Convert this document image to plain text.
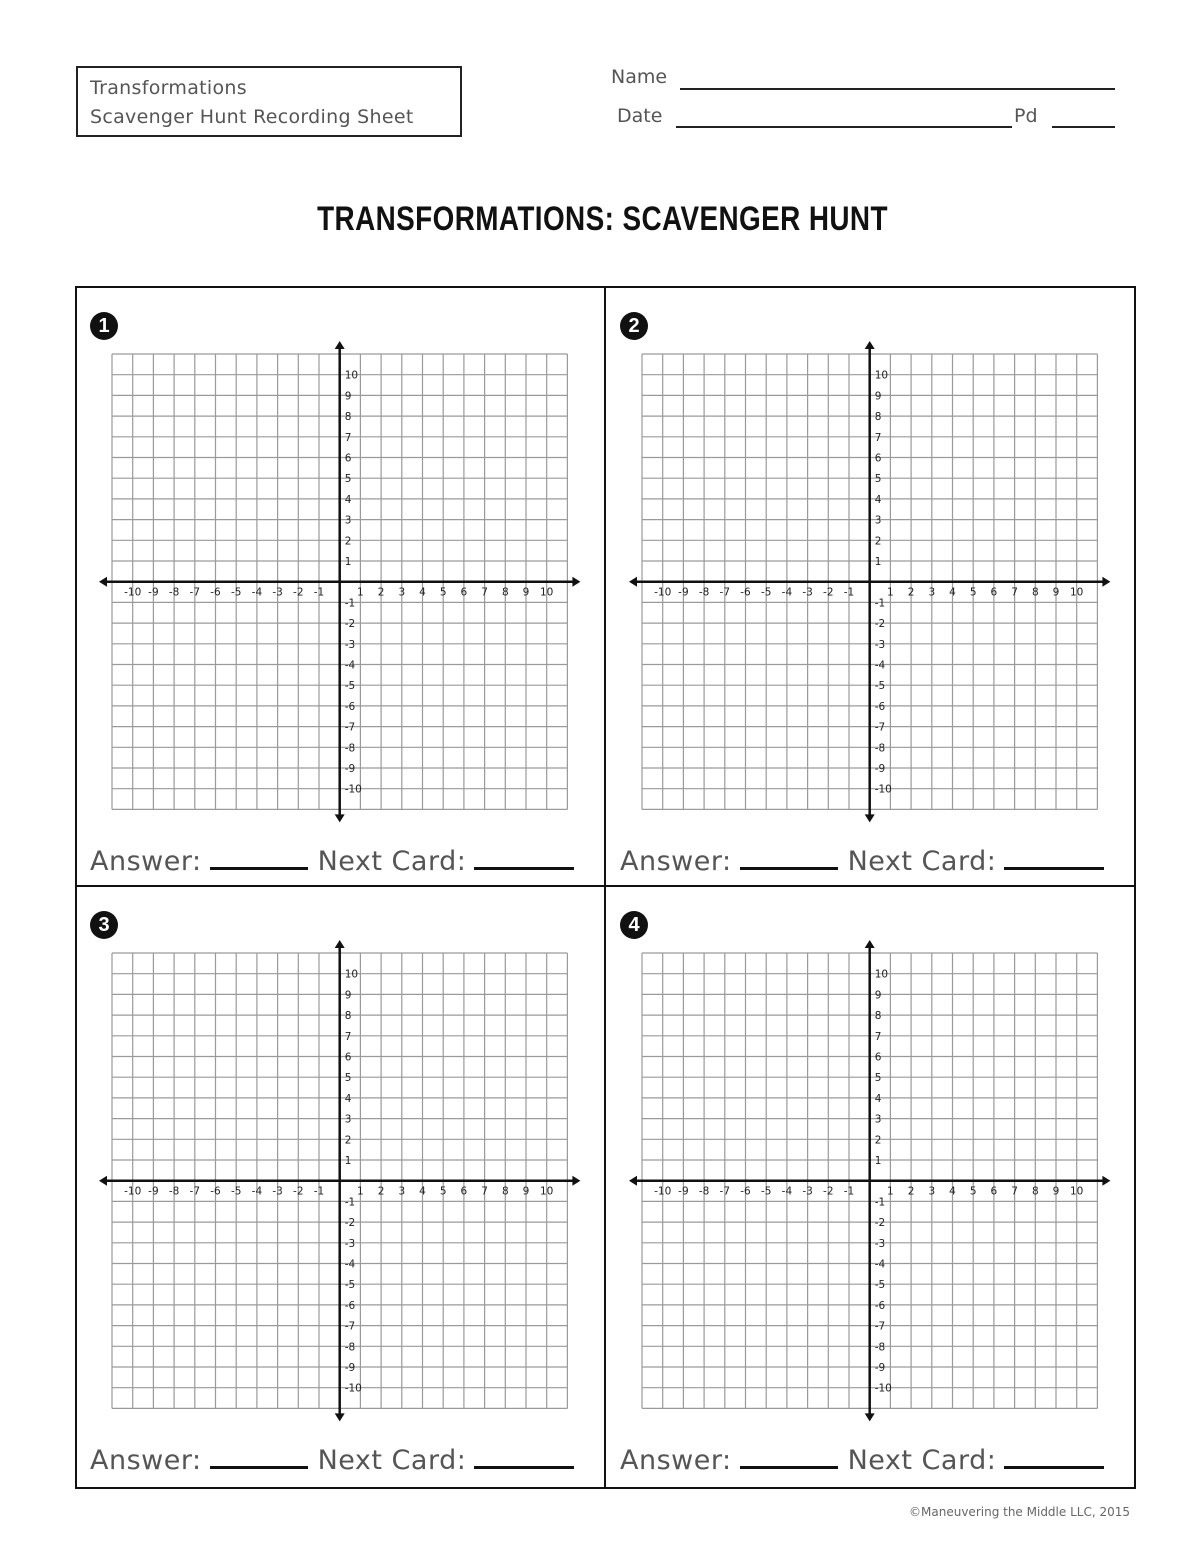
Transformations
Scavenger Hunt Recording Sheet
Name
Date	Pd
TRANSFORMATIONS: SCAVENGER HUNT
1
-10 -9 -8 -7 -6 -5 -4 -3 -2 -1	1 2 3 4 5 6 7 8 9 10
10
9
8
7
6
5
4
3
2
1
-1
-2
-3
-4
-5
-6
-7
-8
-9
-10
Answer:	Next Card:
2
-10 -9 -8 -7 -6 -5 -4 -3 -2 -1	1 2 3 4 5 6 7 8 9 10
10
9
8
7
6
5
4
3
2
1
-1
-2
-3
-4
-5
-6
-7
-8
-9
-10
Answer:	Next Card:
3
-10 -9 -8 -7 -6 -5 -4 -3 -2 -1	1 2 3 4 5 6 7 8 9 10
10
9
8
7
6
5
4
3
2
1
-1
-2
-3
-4
-5
-6
-7
-8
-9
-10
Answer:	Next Card:
4
-10 -9 -8 -7 -6 -5 -4 -3 -2 -1	1 2 3 4 5 6 7 8 9 10
10
9
8
7
6
5
4
3
2
1
-1
-2
-3
-4
-5
-6
-7
-8
-9
-10
Answer:	Next Card:
©Maneuvering the Middle LLC, 2015
